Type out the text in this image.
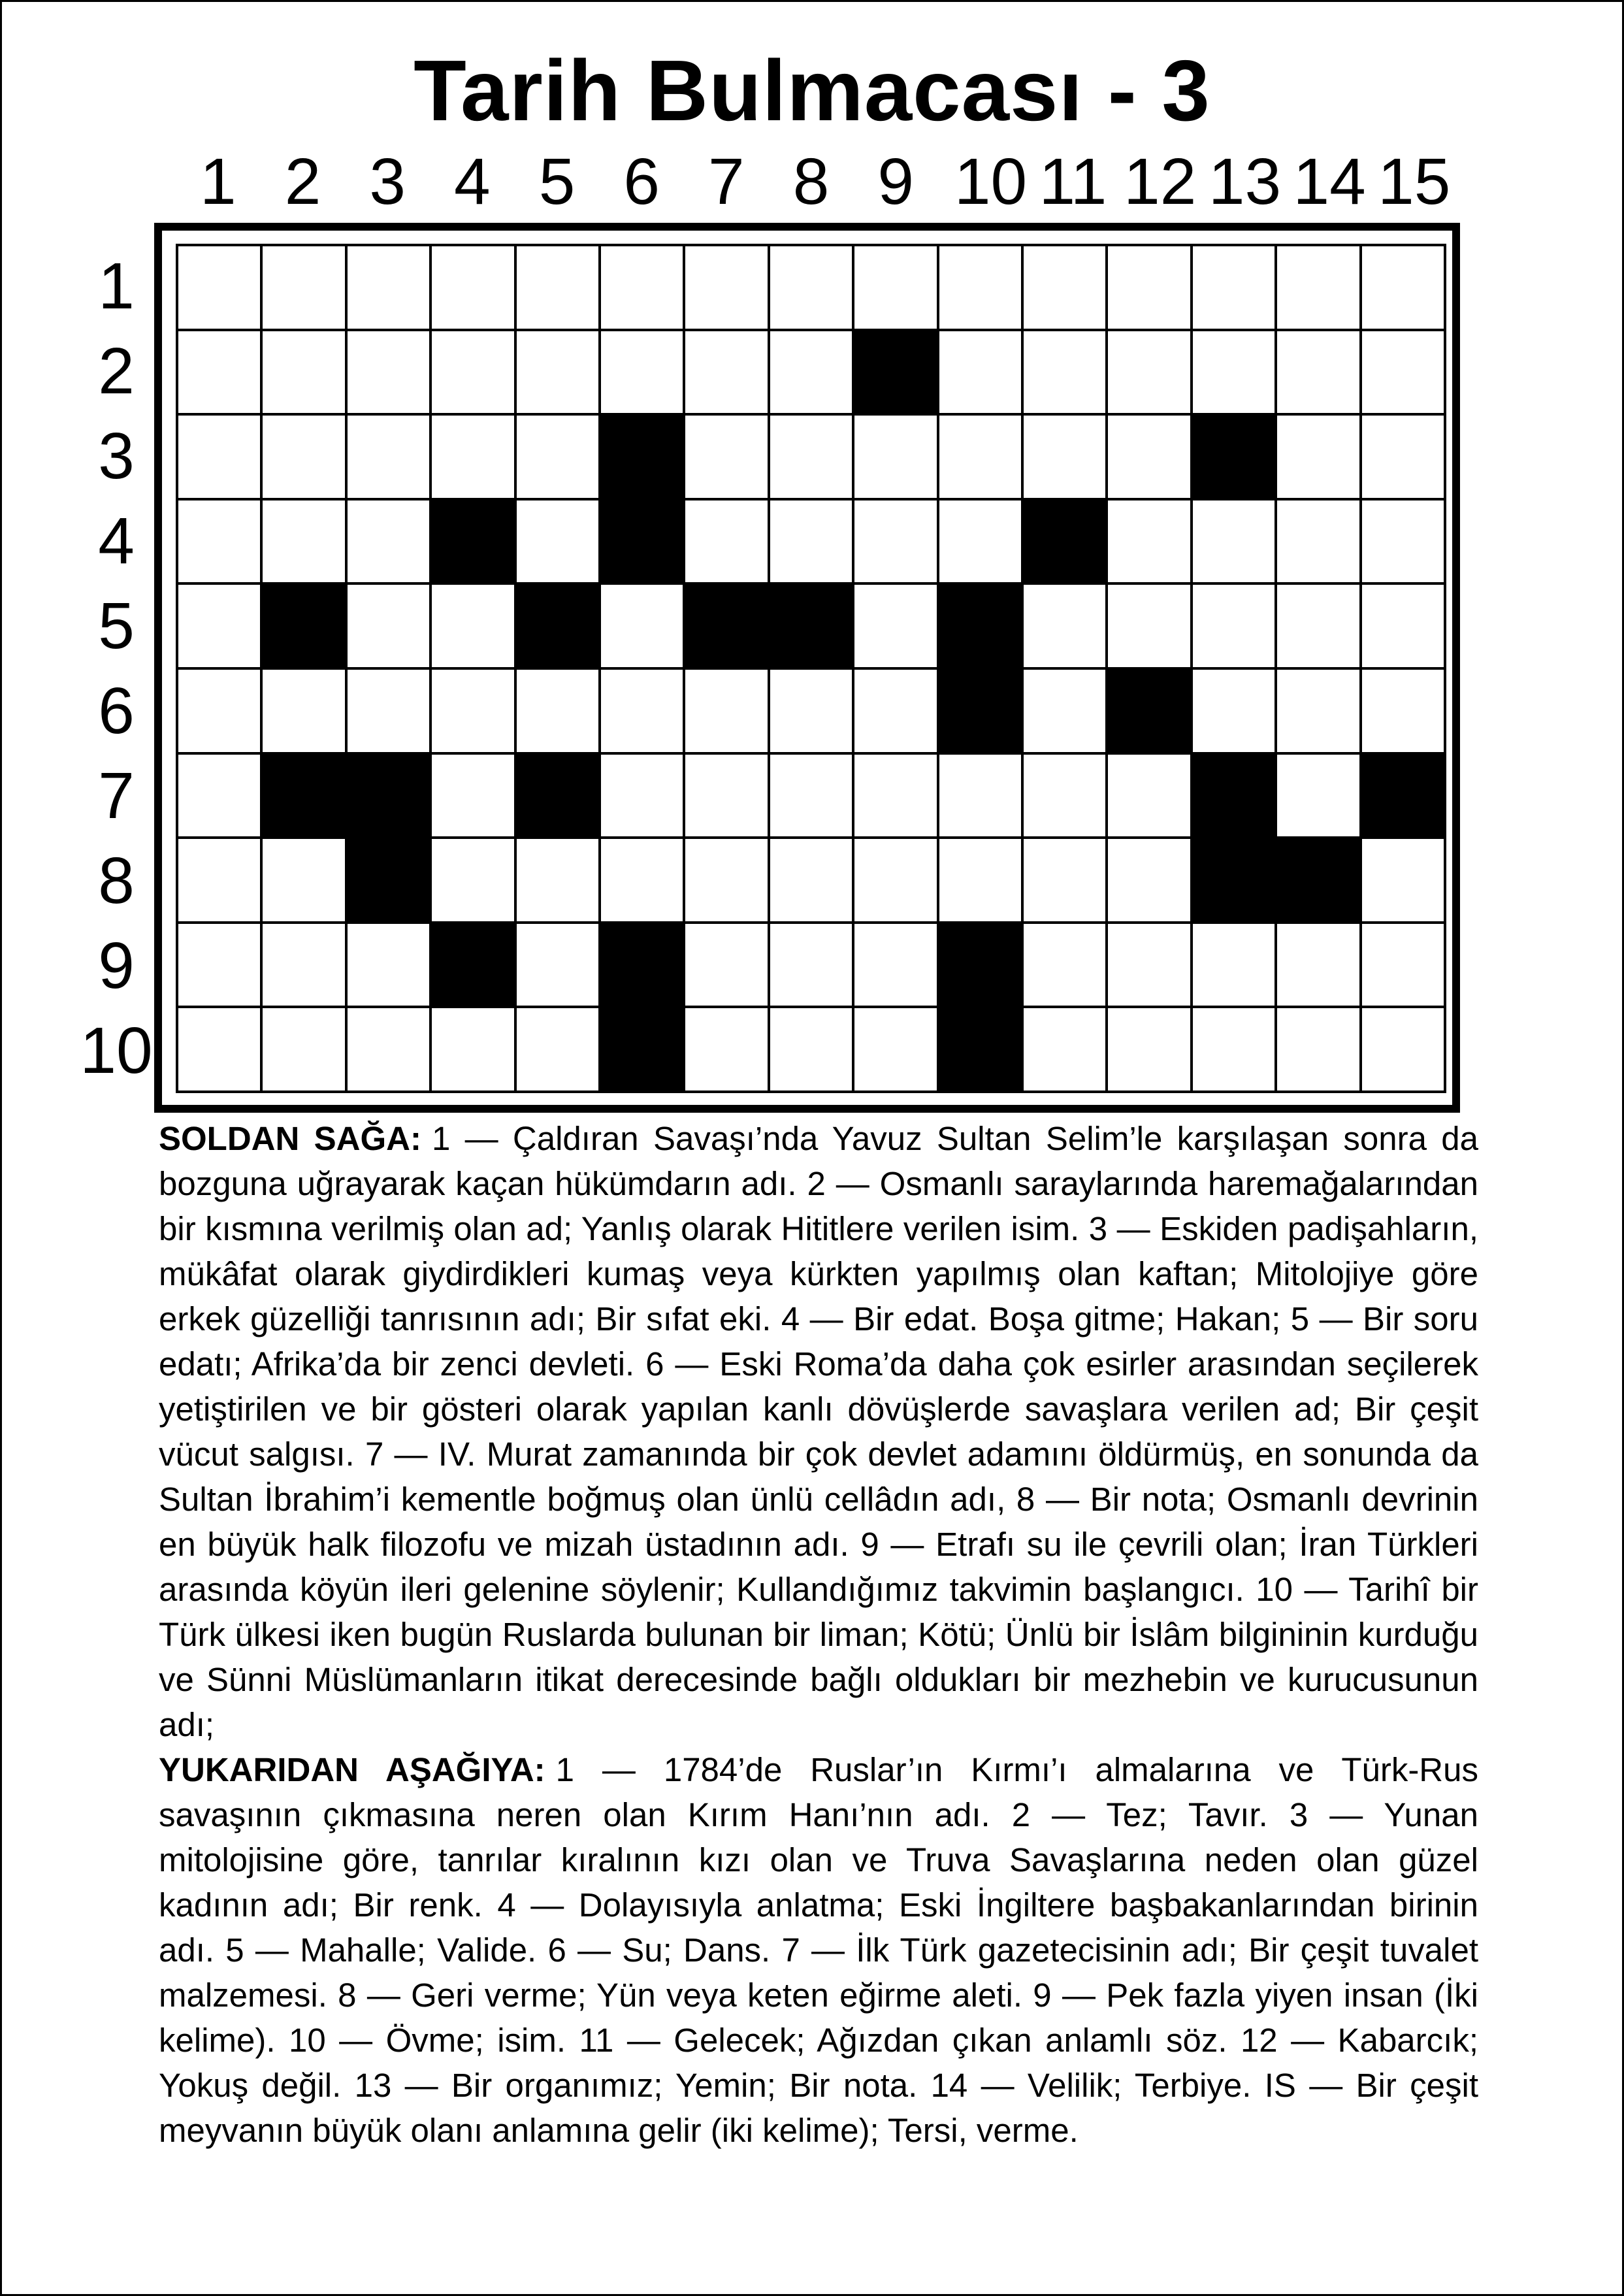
Tarih Bulmacası - 3
1 2 3 4 5 6 7 8 9 10 11 12 13 14 15
1
2
3
4
5
6
7
8
9
10

SOLDAN SAĞA: 1 — Çaldıran Savaşı’nda Yavuz Sultan Selim’le karşılaşan sonra da bozguna uğrayarak kaçan hükümdarın adı. 2 — Osmanlı saraylarında haremağalarından bir kısmına verilmiş olan ad; Yanlış olarak Hititlere verilen isim. 3 — Eskiden padişahların, mükâfat olarak giydirdikleri kumaş veya kürkten yapılmış olan kaftan; Mitolojiye göre erkek güzelliği tanrısının adı; Bir sıfat eki. 4 — Bir edat. Boşa gitme; Hakan; 5 — Bir soru edatı; Afrika’da bir zenci devleti. 6 — Eski Roma’da daha çok esirler arasından seçilerek yetiştirilen ve bir gösteri olarak yapılan kanlı dövüşlerde savaşlara verilen ad; Bir çeşit vücut salgısı. 7 — IV. Murat zamanında bir çok devlet adamını öldürmüş, en sonunda da Sultan İbrahim’i kementle boğmuş olan ünlü cellâdın adı, 8 — Bir nota; Osmanlı devrinin en büyük halk filozofu ve mizah üstadının adı. 9 — Etrafı su ile çevrili olan; İran Türkleri arasında köyün ileri gelenine söylenir; Kullandığımız takvimin başlangıcı. 10 — Tarihî bir Türk ülkesi iken bugün Ruslarda bulunan bir liman; Kötü; Ünlü bir İslâm bilgininin kurduğu ve Sünni Müslümanların itikat derecesinde bağlı oldukları bir mezhebin ve kurucusunun adı;

YUKARIDAN AŞAĞIYA: 1 — 1784’de Ruslar’ın Kırmı’ı almalarına ve Türk-Rus savaşının çıkmasına neren olan Kırım Hanı’nın adı. 2 — Tez; Tavır. 3 — Yunan mitolojisine göre, tanrılar kıralının kızı olan ve Truva Savaşlarına neden olan güzel kadının adı; Bir renk. 4 — Dolayısıyla anlatma; Eski İngiltere başbakanlarından birinin adı. 5 — Mahalle; Valide. 6 — Su; Dans. 7 — İlk Türk gazetecisinin adı; Bir çeşit tuvalet malzemesi. 8 — Geri verme; Yün veya keten eğirme aleti. 9 — Pek fazla yiyen insan (İki kelime). 10 — Övme; isim. 11 — Gelecek; Ağızdan çıkan anlamlı söz. 12 — Kabarcık; Yokuş değil. 13 — Bir organımız; Yemin; Bir nota. 14 — Velilik; Terbiye. IS — Bir çeşit meyvanın büyük olanı anlamına gelir (iki kelime); Tersi, verme.
